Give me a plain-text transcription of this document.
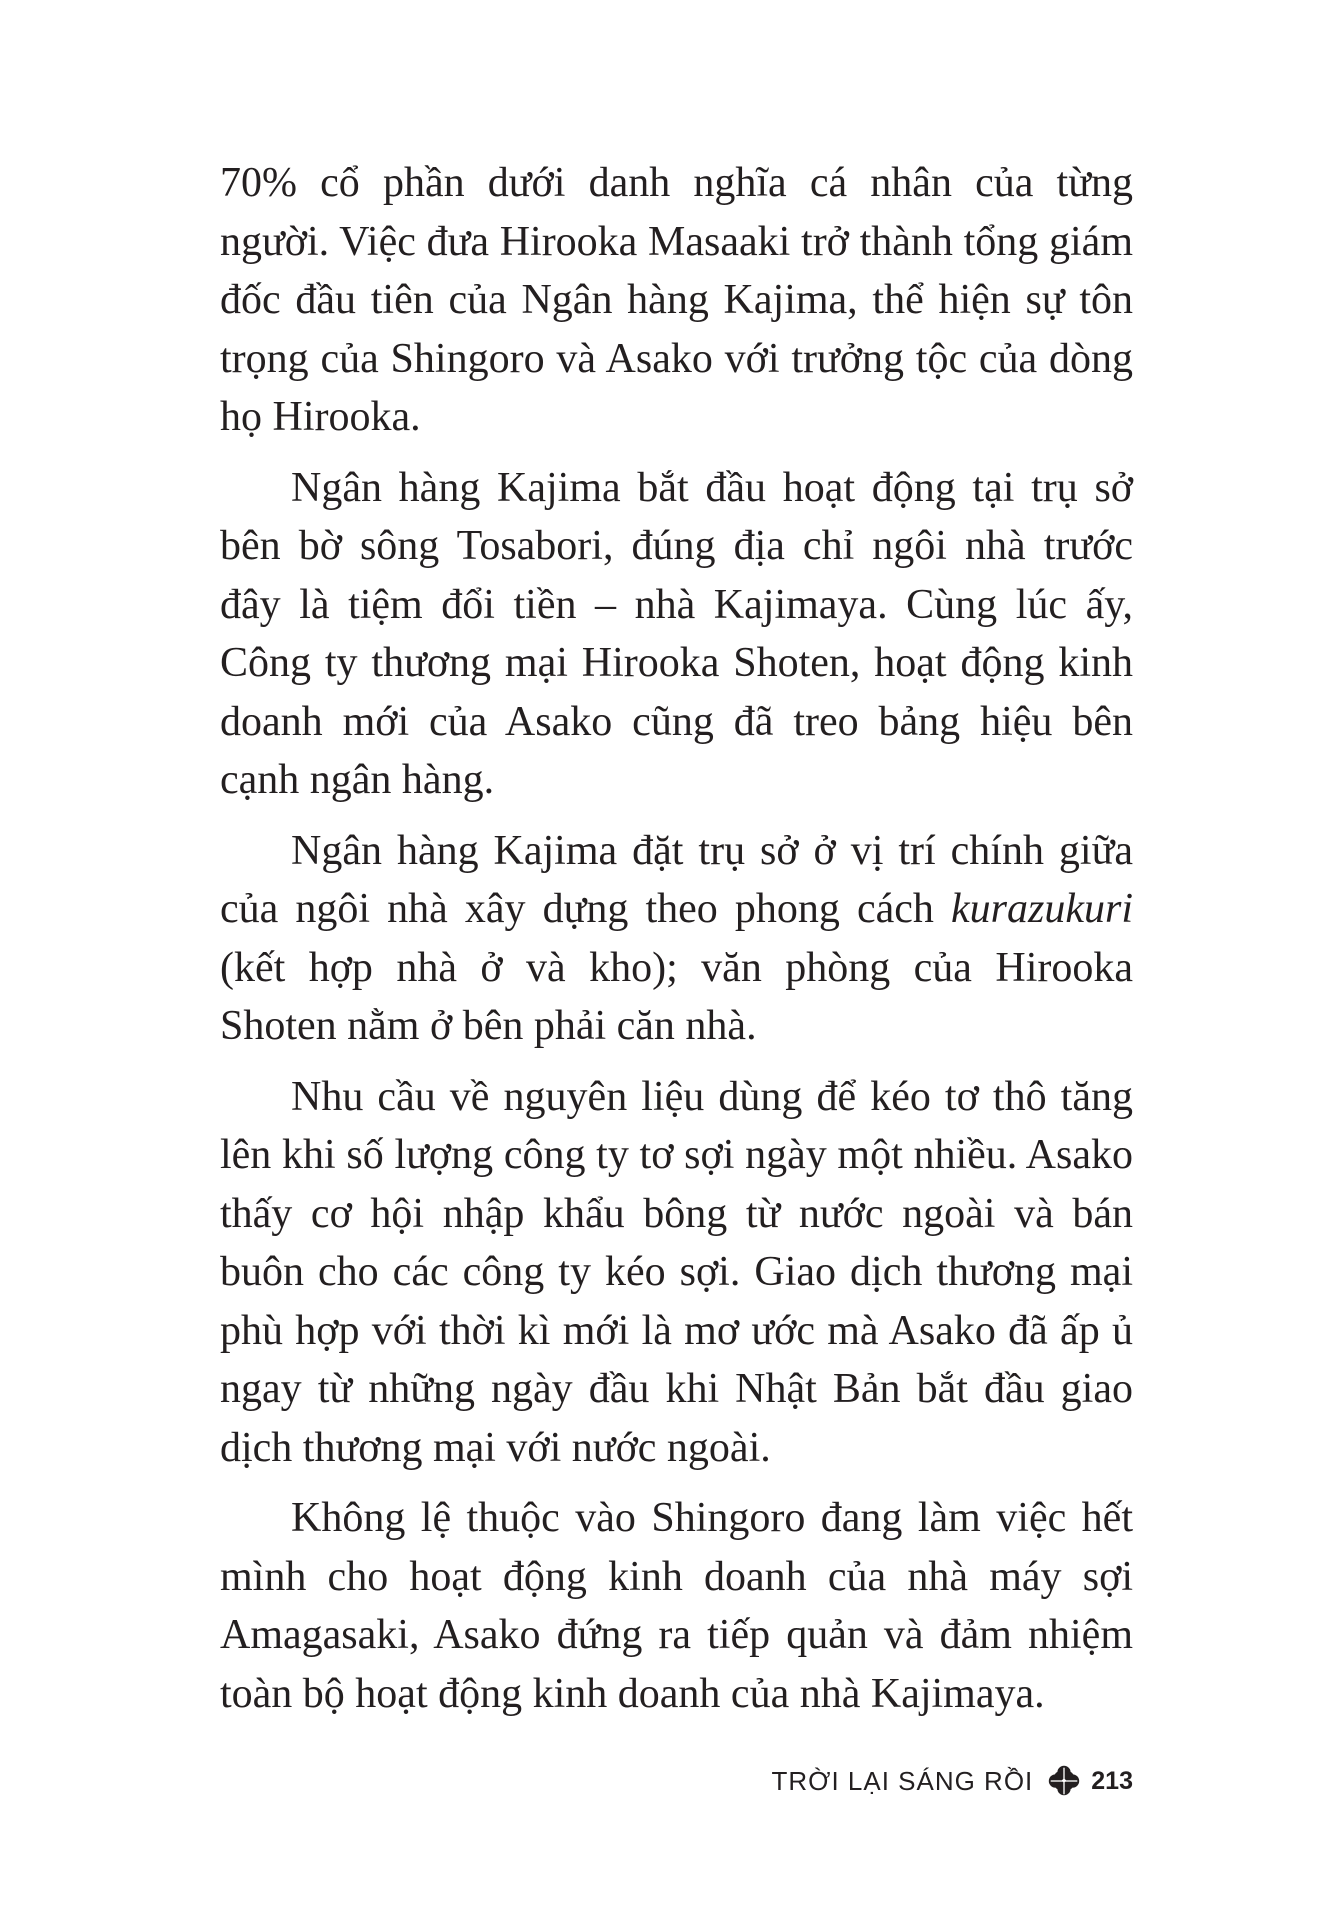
70% cổ phần dưới danh nghĩa cá nhân của từng người. Việc đưa Hirooka Masaaki trở thành tổng giám đốc đầu tiên của Ngân hàng Kajima, thể hiện sự tôn trọng của Shingoro và Asako với trưởng tộc của dòng họ Hirooka.

Ngân hàng Kajima bắt đầu hoạt động tại trụ sở bên bờ sông Tosabori, đúng địa chỉ ngôi nhà trước đây là tiệm đổi tiền – nhà Kajimaya. Cùng lúc ấy, Công ty thương mại Hirooka Shoten, hoạt động kinh doanh mới của Asako cũng đã treo bảng hiệu bên cạnh ngân hàng.

Ngân hàng Kajima đặt trụ sở ở vị trí chính giữa của ngôi nhà xây dựng theo phong cách kurazukuri (kết hợp nhà ở và kho); văn phòng của Hirooka Shoten nằm ở bên phải căn nhà.

Nhu cầu về nguyên liệu dùng để kéo tơ thô tăng lên khi số lượng công ty tơ sợi ngày một nhiều. Asako thấy cơ hội nhập khẩu bông từ nước ngoài và bán buôn cho các công ty kéo sợi. Giao dịch thương mại phù hợp với thời kì mới là mơ ước mà Asako đã ấp ủ ngay từ những ngày đầu khi Nhật Bản bắt đầu giao dịch thương mại với nước ngoài.

Không lệ thuộc vào Shingoro đang làm việc hết mình cho hoạt động kinh doanh của nhà máy sợi Amagasaki, Asako đứng ra tiếp quản và đảm nhiệm toàn bộ hoạt động kinh doanh của nhà Kajimaya.

TRỜI LẠI SÁNG RỒI 213
